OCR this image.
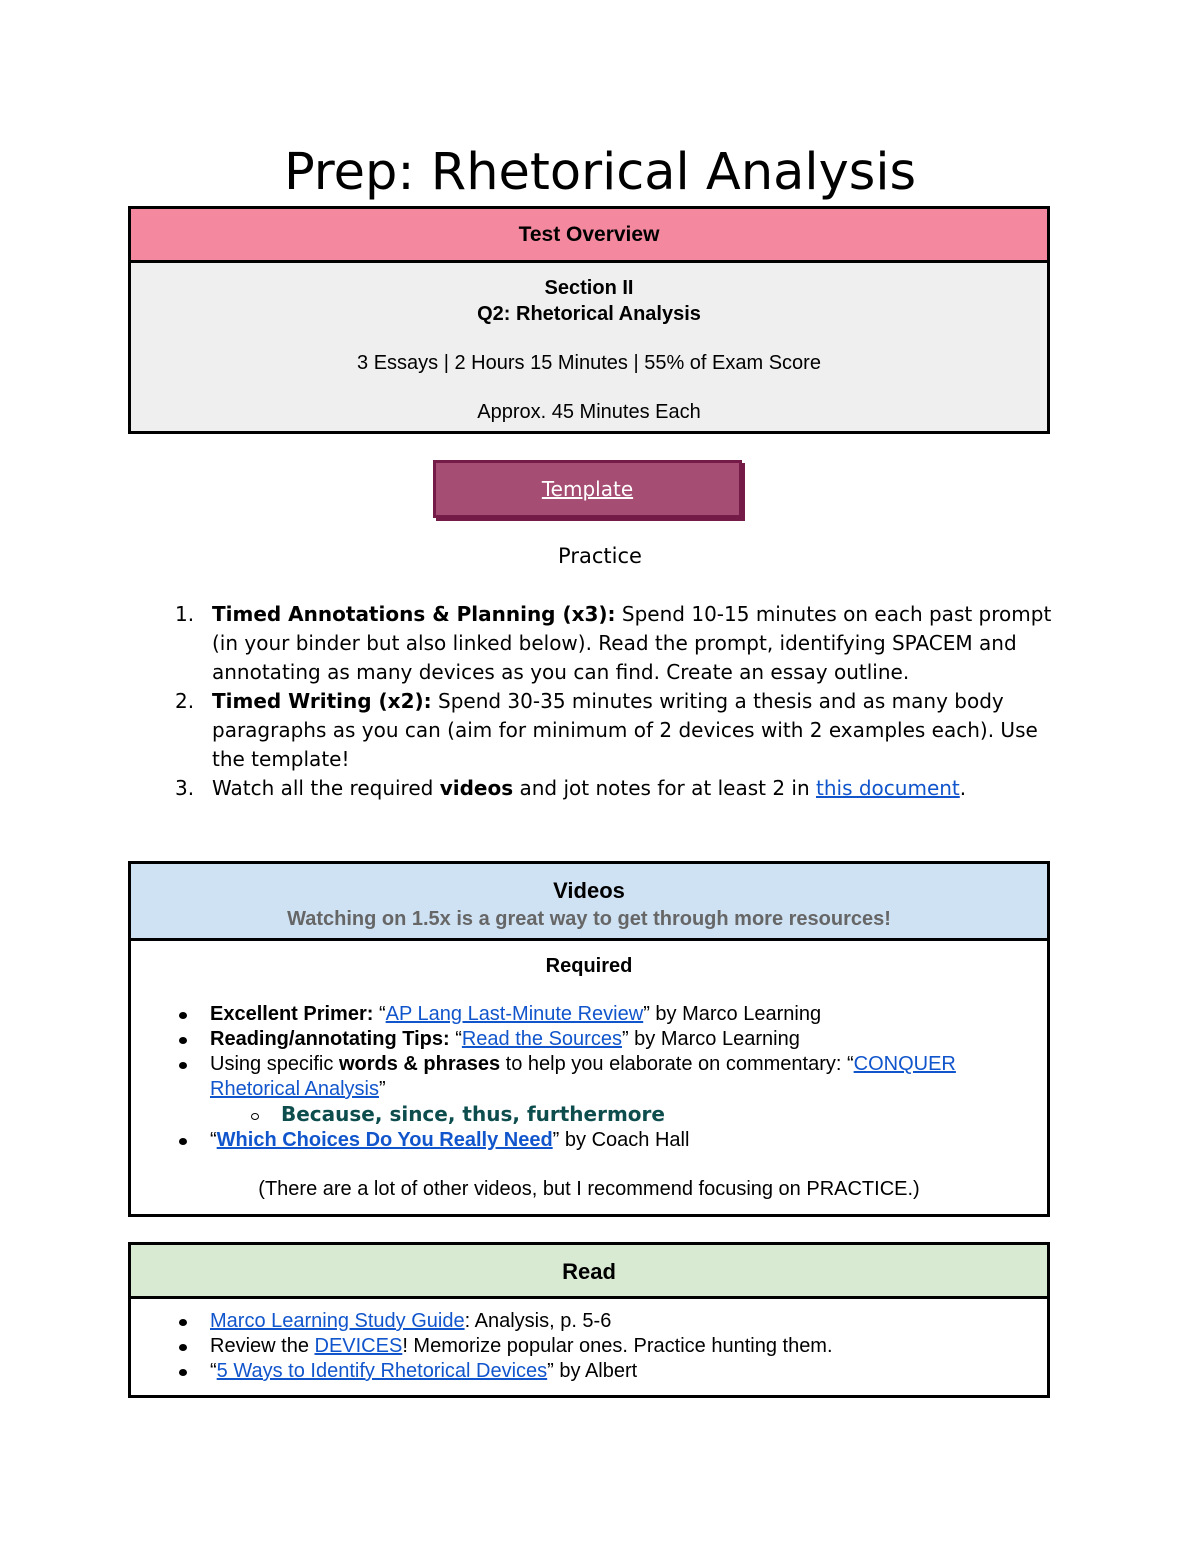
Prep: Rhetorical Analysis
Test Overview
Section II
Q2: Rhetorical Analysis
3 Essays | 2 Hours 15 Minutes | 55% of Exam Score
Approx. 45 Minutes Each
Template
Practice
1. Timed Annotations & Planning (x3): Spend 10-15 minutes on each past prompt (in your binder but also linked below). Read the prompt, identifying SPACEM and annotating as many devices as you can find. Create an essay outline.
2. Timed Writing (x2): Spend 30-35 minutes writing a thesis and as many body paragraphs as you can (aim for minimum of 2 devices with 2 examples each). Use the template!
3. Watch all the required videos and jot notes for at least 2 in this document.
Videos
Watching on 1.5x is a great way to get through more resources!
Required
Excellent Primer: “AP Lang Last-Minute Review” by Marco Learning
Reading/annotating Tips: “Read the Sources” by Marco Learning
Using specific words & phrases to help you elaborate on commentary: “CONQUER Rhetorical Analysis”
Because, since, thus, furthermore
“Which Choices Do You Really Need” by Coach Hall
(There are a lot of other videos, but I recommend focusing on PRACTICE.)
Read
Marco Learning Study Guide: Analysis, p. 5-6
Review the DEVICES! Memorize popular ones. Practice hunting them.
“5 Ways to Identify Rhetorical Devices” by Albert
